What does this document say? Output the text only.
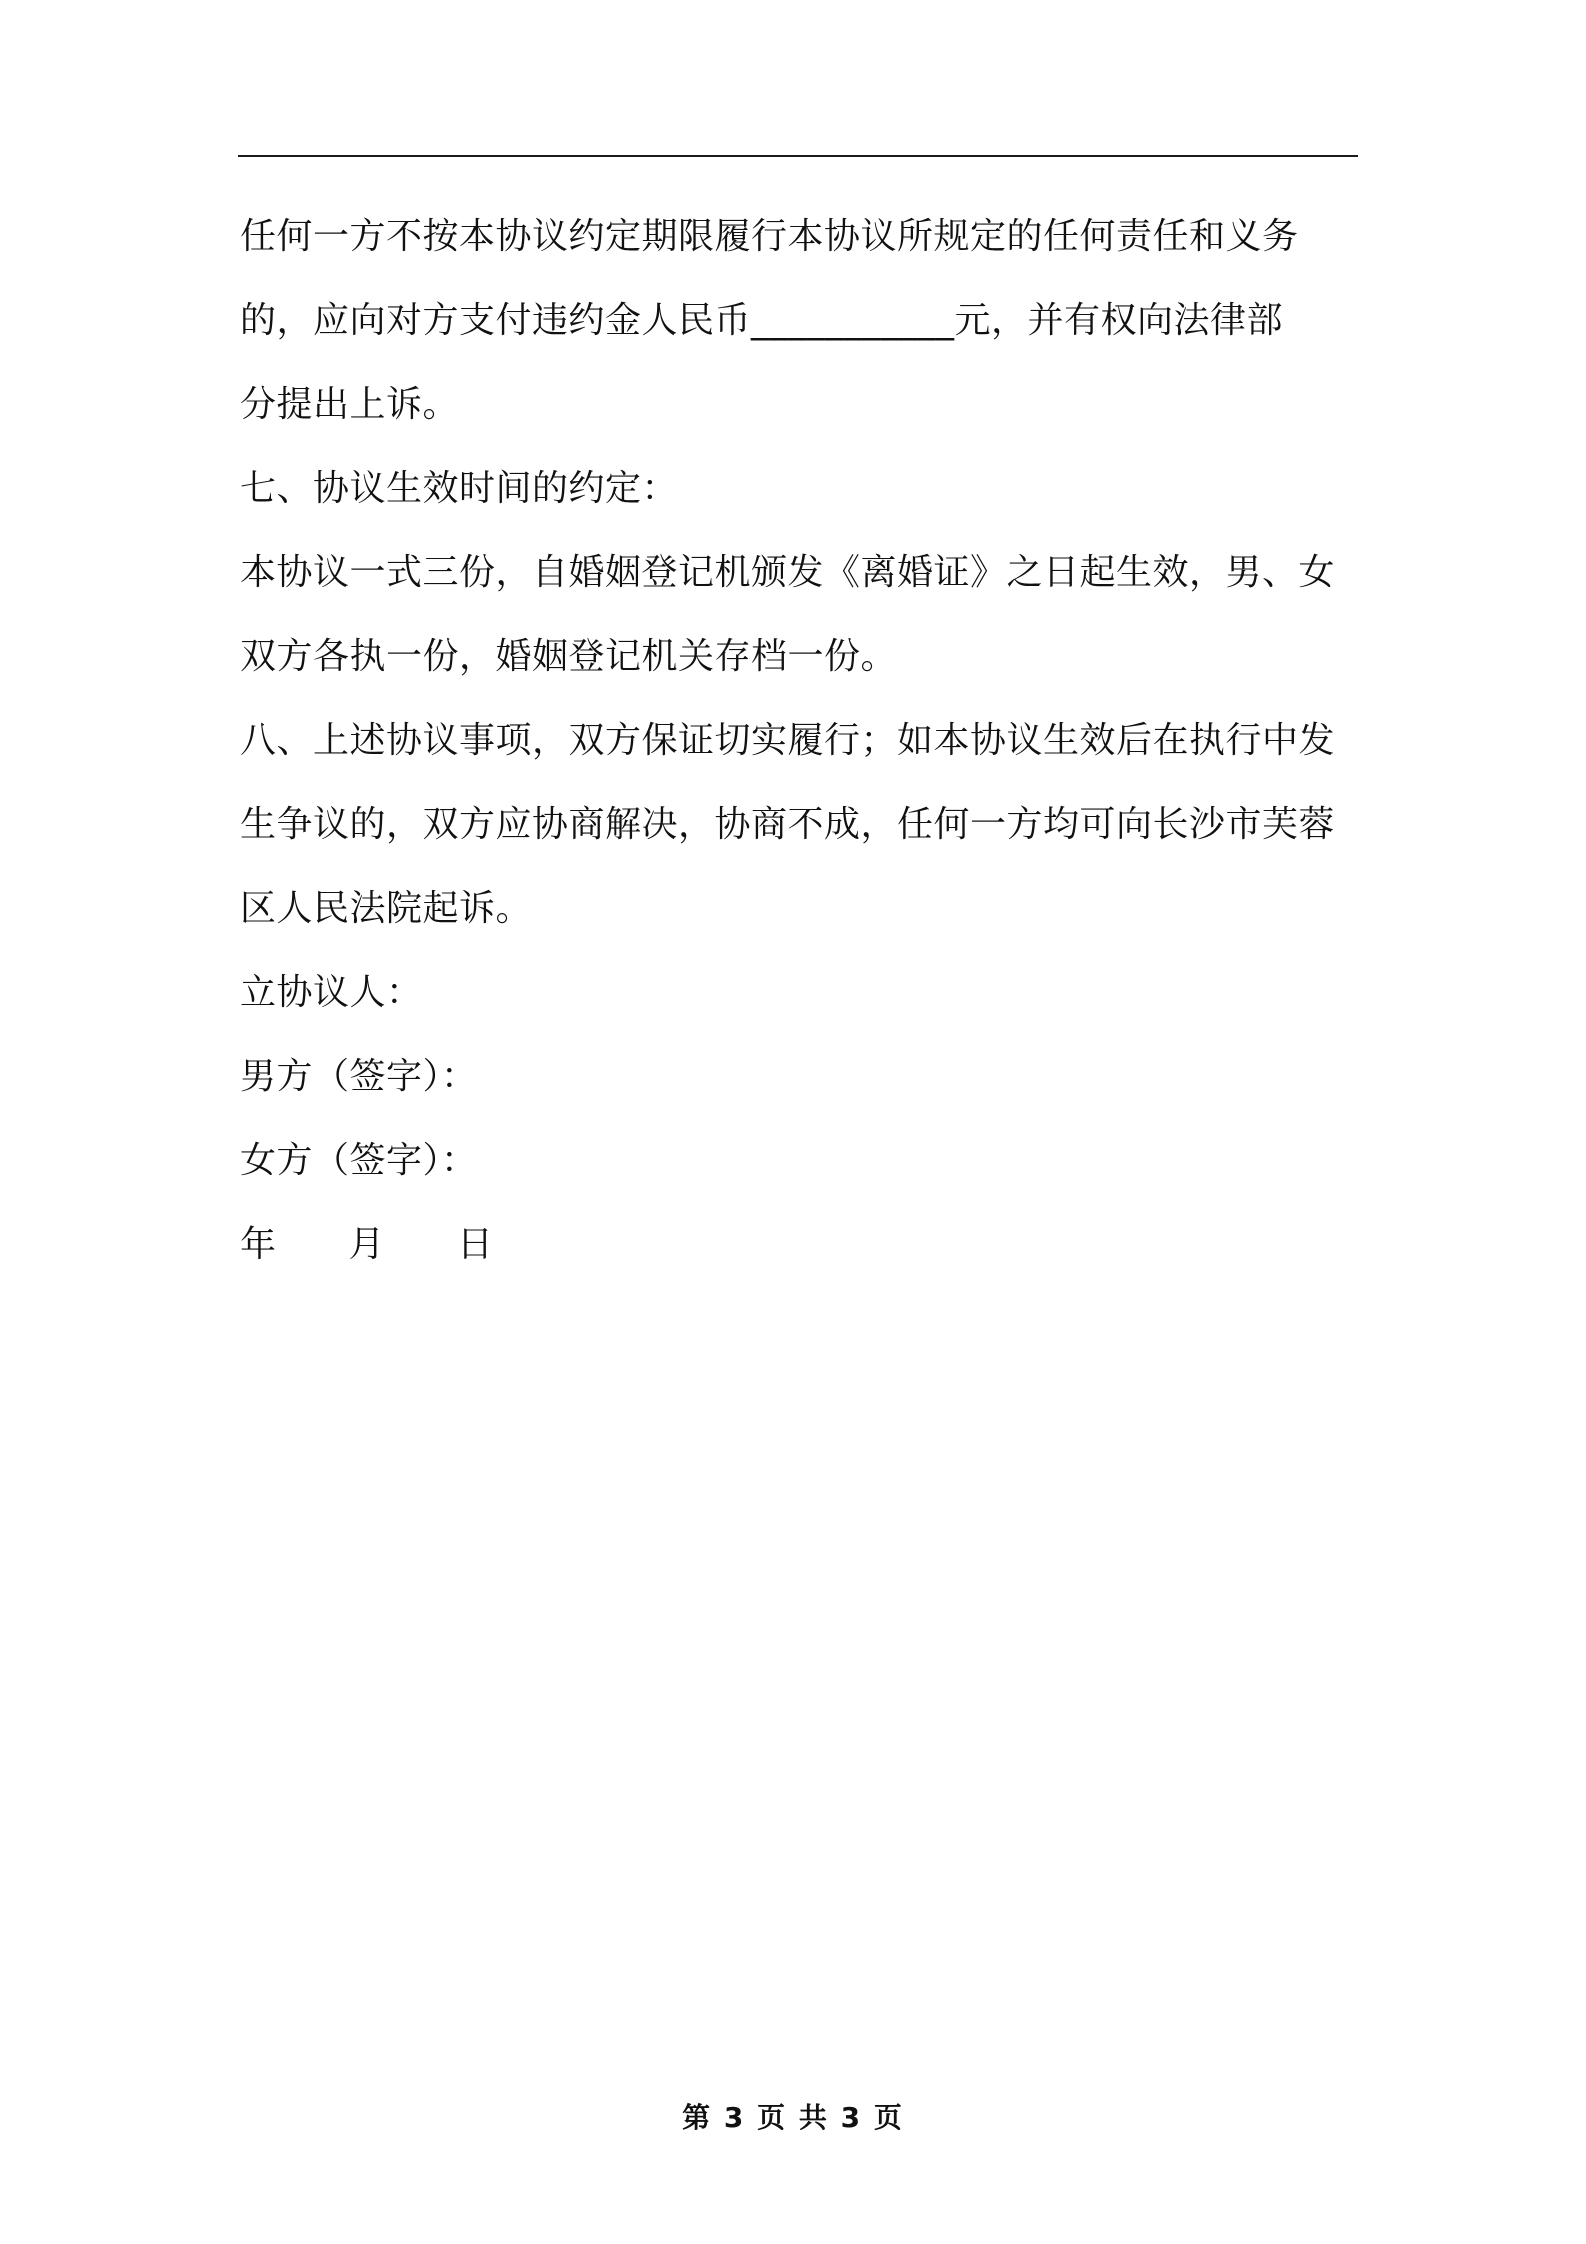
任何一方不按本协议约定期限履行本协议所规定的任何责任和义务
的，应向对方支付违约金人民币___________元，并有权向法律部
分提出上诉。
七、协议生效时间的约定：
本协议一式三份，自婚姻登记机颁发《离婚证》之日起生效，男、女
双方各执一份，婚姻登记机关存档一份。
八、上述协议事项，双方保证切实履行；如本协议生效后在执行中发
生争议的，双方应协商解决，协商不成，任何一方均可向长沙市芙蓉
区人民法院起诉。
立协议人：
男方（签字）：
女方（签字）：
年 月 日
第 3 页 共 3 页
